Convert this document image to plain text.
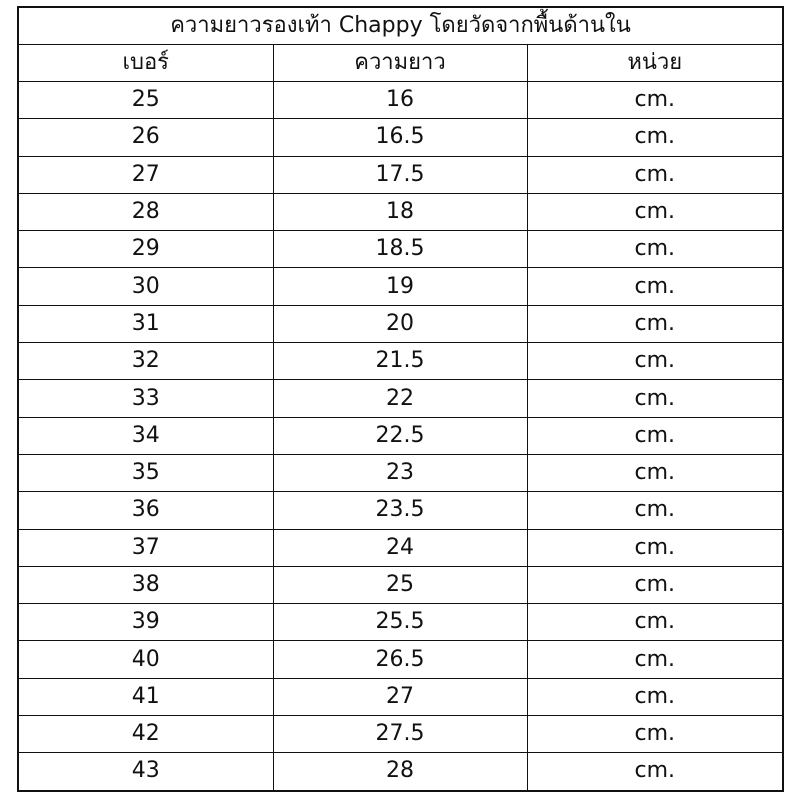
ความยาวรองเท้า Chappy โดยวัดจากพื้นด้านใน		
เบอร์	ความยาว	หน่วย
25	16	cm.
26	16.5	cm.
27	17.5	cm.
28	18	cm.
29	18.5	cm.
30	19	cm.
31	20	cm.
32	21.5	cm.
33	22	cm.
34	22.5	cm.
35	23	cm.
36	23.5	cm.
37	24	cm.
38	25	cm.
39	25.5	cm.
40	26.5	cm.
41	27	cm.
42	27.5	cm.
43	28	cm.
